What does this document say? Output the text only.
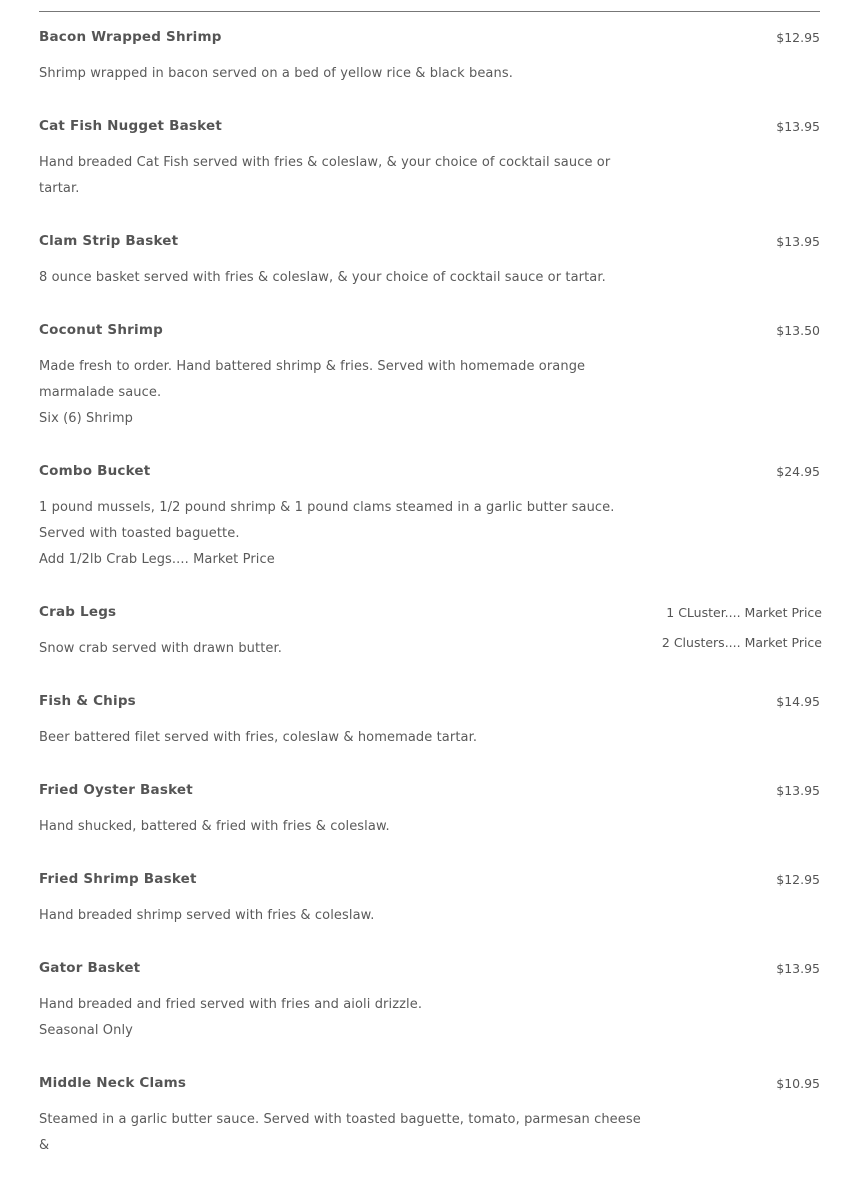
Bacon Wrapped Shrimp	$12.95
Shrimp wrapped in bacon served on a bed of yellow rice & black beans.
Cat Fish Nugget Basket	$13.95
Hand breaded Cat Fish served with fries & coleslaw, & your choice of cocktail sauce or tartar.
Clam Strip Basket	$13.95
8 ounce basket served with fries & coleslaw, & your choice of cocktail sauce or tartar.
Coconut Shrimp	$13.50
Made fresh to order. Hand battered shrimp & fries. Served with homemade orange marmalade sauce.
Six (6) Shrimp
Combo Bucket	$24.95
1 pound mussels, 1/2 pound shrimp & 1 pound clams steamed in a garlic butter sauce.
Served with toasted baguette.
Add 1/2lb Crab Legs.... Market Price
Crab Legs	1 CLuster.... Market Price
2 Clusters.... Market Price
Snow crab served with drawn butter.
Fish & Chips	$14.95
Beer battered filet served with fries, coleslaw & homemade tartar.
Fried Oyster Basket	$13.95
Hand shucked, battered & fried with fries & coleslaw.
Fried Shrimp Basket	$12.95
Hand breaded shrimp served with fries & coleslaw.
Gator Basket	$13.95
Hand breaded and fried served with fries and aioli drizzle.
Seasonal Only
Middle Neck Clams	$10.95
Steamed in a garlic butter sauce. Served with toasted baguette, tomato, parmesan cheese &
